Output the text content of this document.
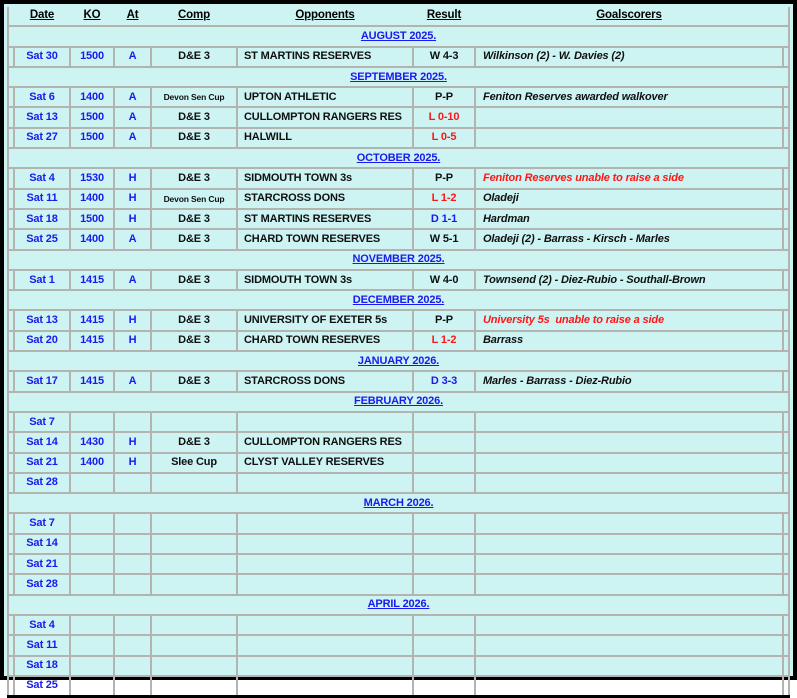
	Date	KO	At	Comp	Opponents	Result	Goalscorers	
AUGUST 2025.								
	Sat 30	1500	A	D&E 3	ST MARTINS RESERVES	W 4-3	Wilkinson (2) - W. Davies (2)	
SEPTEMBER 2025.								
	Sat 6	1400	A	Devon Sen Cup	UPTON ATHLETIC	P-P	Feniton Reserves awarded walkover	
	Sat 13	1500	A	D&E 3	CULLOMPTON RANGERS RES	L 0-10		
	Sat 27	1500	A	D&E 3	HALWILL	L 0-5		
OCTOBER 2025.								
	Sat 4	1530	H	D&E 3	SIDMOUTH TOWN 3s	P-P	Feniton Reserves unable to raise a side	
	Sat 11	1400	H	Devon Sen Cup	STARCROSS DONS	L 1-2	Oladeji	
	Sat 18	1500	H	D&E 3	ST MARTINS RESERVES	D 1-1	Hardman	
	Sat 25	1400	A	D&E 3	CHARD TOWN RESERVES	W 5-1	Oladeji (2) - Barrass - Kirsch - Marles	
NOVEMBER 2025.								
	Sat 1	1415	A	D&E 3	SIDMOUTH TOWN 3s	W 4-0	Townsend (2) - Diez-Rubio - Southall-Brown	
DECEMBER 2025.								
	Sat 13	1415	H	D&E 3	UNIVERSITY OF EXETER 5s	P-P	University 5s  unable to raise a side	
	Sat 20	1415	H	D&E 3	CHARD TOWN RESERVES	L 1-2	Barrass	
JANUARY 2026.								
	Sat 17	1415	A	D&E 3	STARCROSS DONS	D 3-3	Marles - Barrass - Diez-Rubio	
FEBRUARY 2026.								
	Sat 7							
	Sat 14	1430	H	D&E 3	CULLOMPTON RANGERS RES			
	Sat 21	1400	H	Slee Cup	CLYST VALLEY RESERVES			
	Sat 28							
MARCH 2026.								
	Sat 7							
	Sat 14							
	Sat 21							
	Sat 28							
APRIL 2026.								
	Sat 4							
	Sat 11							
	Sat 18							
	Sat 25							
